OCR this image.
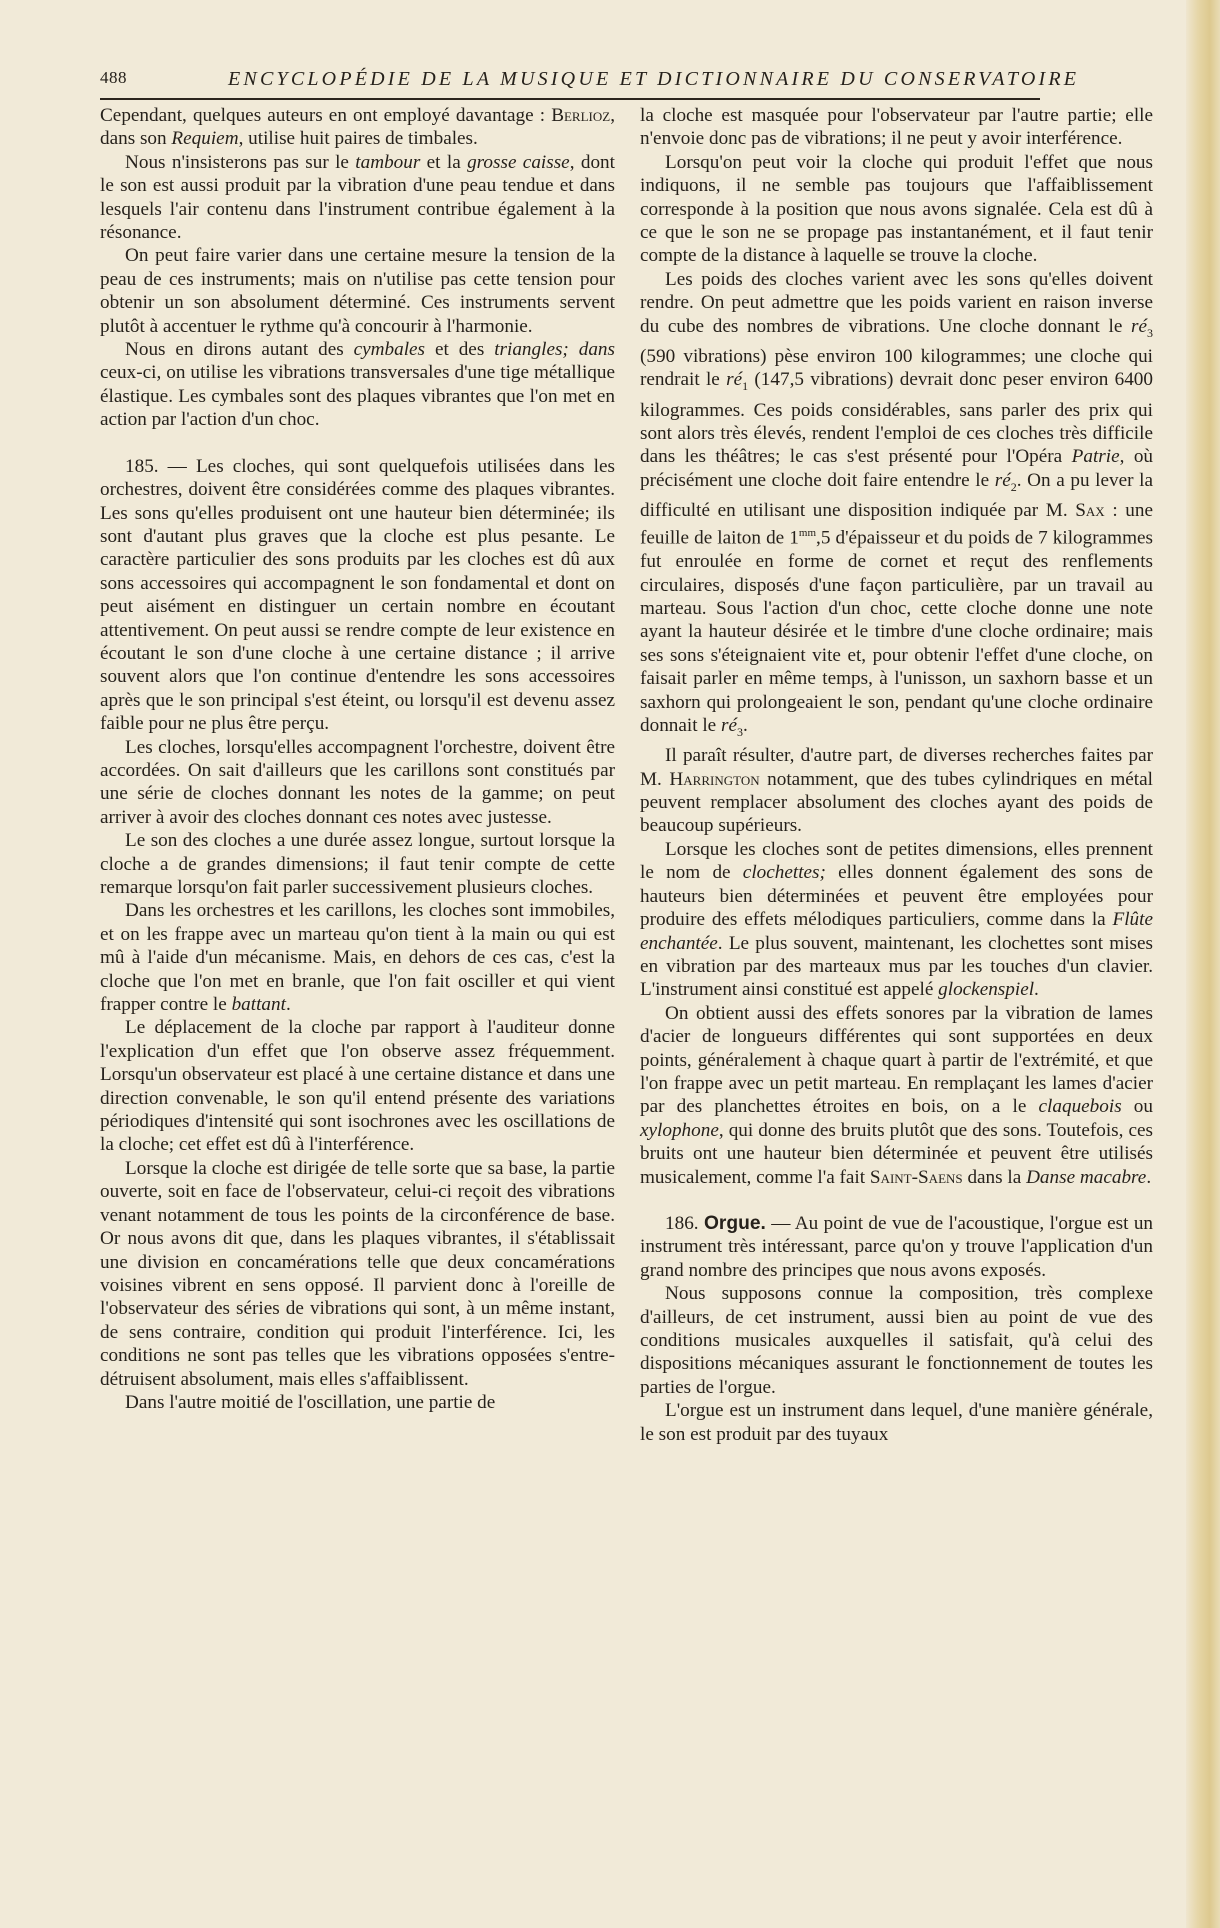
488	ENCYCLOPÉDIE DE LA MUSIQUE ET DICTIONNAIRE DU CONSERVATOIRE

Cependant, quelques auteurs en ont employé davantage : Berlioz, dans son Requiem, utilise huit paires de timbales.

Nous n'insisterons pas sur le tambour et la grosse caisse, dont le son est aussi produit par la vibration d'une peau tendue et dans lesquels l'air contenu dans l'instrument contribue également à la résonance.

On peut faire varier dans une certaine mesure la tension de la peau de ces instruments; mais on n'utilise pas cette tension pour obtenir un son absolument déterminé. Ces instruments servent plutôt à accentuer le rythme qu'à concourir à l'harmonie.

Nous en dirons autant des cymbales et des triangles; dans ceux-ci, on utilise les vibrations transversales d'une tige métallique élastique. Les cymbales sont des plaques vibrantes que l'on met en action par l'action d'un choc.

185. — Les cloches, qui sont quelquefois utilisées dans les orchestres, doivent être considérées comme des plaques vibrantes. Les sons qu'elles produisent ont une hauteur bien déterminée; ils sont d'autant plus graves que la cloche est plus pesante. Le caractère particulier des sons produits par les cloches est dû aux sons accessoires qui accompagnent le son fondamental et dont on peut aisément en distinguer un certain nombre en écoutant attentivement. On peut aussi se rendre compte de leur existence en écoutant le son d'une cloche à une certaine distance ; il arrive souvent alors que l'on continue d'entendre les sons accessoires après que le son principal s'est éteint, ou lorsqu'il est devenu assez faible pour ne plus être perçu.

Les cloches, lorsqu'elles accompagnent l'orchestre, doivent être accordées. On sait d'ailleurs que les carillons sont constitués par une série de cloches donnant les notes de la gamme; on peut arriver à avoir des cloches donnant ces notes avec justesse.

Le son des cloches a une durée assez longue, surtout lorsque la cloche a de grandes dimensions; il faut tenir compte de cette remarque lorsqu'on fait parler successivement plusieurs cloches.

Dans les orchestres et les carillons, les cloches sont immobiles, et on les frappe avec un marteau qu'on tient à la main ou qui est mû à l'aide d'un mécanisme. Mais, en dehors de ces cas, c'est la cloche que l'on met en branle, que l'on fait osciller et qui vient frapper contre le battant.

Le déplacement de la cloche par rapport à l'auditeur donne l'explication d'un effet que l'on observe assez fréquemment. Lorsqu'un observateur est placé à une certaine distance et dans une direction convenable, le son qu'il entend présente des variations périodiques d'intensité qui sont isochrones avec les oscillations de la cloche; cet effet est dû à l'interférence.

Lorsque la cloche est dirigée de telle sorte que sa base, la partie ouverte, soit en face de l'observateur, celui-ci reçoit des vibrations venant notamment de tous les points de la circonférence de base. Or nous avons dit que, dans les plaques vibrantes, il s'établissait une division en concamérations telle que deux concamérations voisines vibrent en sens opposé. Il parvient donc à l'oreille de l'observateur des séries de vibrations qui sont, à un même instant, de sens contraire, condition qui produit l'interférence. Ici, les conditions ne sont pas telles que les vibrations opposées s'entre-détruisent absolument, mais elles s'affaiblissent.

Dans l'autre moitié de l'oscillation, une partie de

la cloche est masquée pour l'observateur par l'autre partie; elle n'envoie donc pas de vibrations; il ne peut y avoir interférence.

Lorsqu'on peut voir la cloche qui produit l'effet que nous indiquons, il ne semble pas toujours que l'affaiblissement corresponde à la position que nous avons signalée. Cela est dû à ce que le son ne se propage pas instantanément, et il faut tenir compte de la distance à laquelle se trouve la cloche.

Les poids des cloches varient avec les sons qu'elles doivent rendre. On peut admettre que les poids varient en raison inverse du cube des nombres de vibrations. Une cloche donnant le $ré_3$ (590 vibrations) pèse environ 100 kilogrammes; une cloche qui rendrait le $ré_1$ (147,5 vibrations) devrait donc peser environ 6400 kilogrammes. Ces poids considérables, sans parler des prix qui sont alors très élevés, rendent l'emploi de ces cloches très difficile dans les théâtres; le cas s'est présenté pour l'Opéra Patrie, où précisément une cloche doit faire entendre le $ré_2$. On a pu lever la difficulté en utilisant une disposition indiquée par M. Sax : une feuille de laiton de $1^{mm},5$ d'épaisseur et du poids de 7 kilogrammes fut enroulée en forme de cornet et reçut des renflements circulaires, disposés d'une façon particulière, par un travail au marteau. Sous l'action d'un choc, cette cloche donne une note ayant la hauteur désirée et le timbre d'une cloche ordinaire; mais ses sons s'éteignaient vite et, pour obtenir l'effet d'une cloche, on faisait parler en même temps, à l'unisson, un saxhorn basse et un saxhorn qui prolongeaient le son, pendant qu'une cloche ordinaire donnait le $ré_3$.

Il paraît résulter, d'autre part, de diverses recherches faites par M. Harrington notamment, que des tubes cylindriques en métal peuvent remplacer absolument des cloches ayant des poids de beaucoup supérieurs.

Lorsque les cloches sont de petites dimensions, elles prennent le nom de clochettes; elles donnent également des sons de hauteurs bien déterminées et peuvent être employées pour produire des effets mélodiques particuliers, comme dans la Flûte enchantée. Le plus souvent, maintenant, les clochettes sont mises en vibration par des marteaux mus par les touches d'un clavier. L'instrument ainsi constitué est appelé glockenspiel.

On obtient aussi des effets sonores par la vibration de lames d'acier de longueurs différentes qui sont supportées en deux points, généralement à chaque quart à partir de l'extrémité, et que l'on frappe avec un petit marteau. En remplaçant les lames d'acier par des planchettes étroites en bois, on a le claquebois ou xylophone, qui donne des bruits plutôt que des sons. Toutefois, ces bruits ont une hauteur bien déterminée et peuvent être utilisés musicalement, comme l'a fait Saint-Saens dans la Danse macabre.

186. Orgue. — Au point de vue de l'acoustique, l'orgue est un instrument très intéressant, parce qu'on y trouve l'application d'un grand nombre des principes que nous avons exposés.

Nous supposons connue la composition, très complexe d'ailleurs, de cet instrument, aussi bien au point de vue des conditions musicales auxquelles il satisfait, qu'à celui des dispositions mécaniques assurant le fonctionnement de toutes les parties de l'orgue.

L'orgue est un instrument dans lequel, d'une manière générale, le son est produit par des tuyaux
